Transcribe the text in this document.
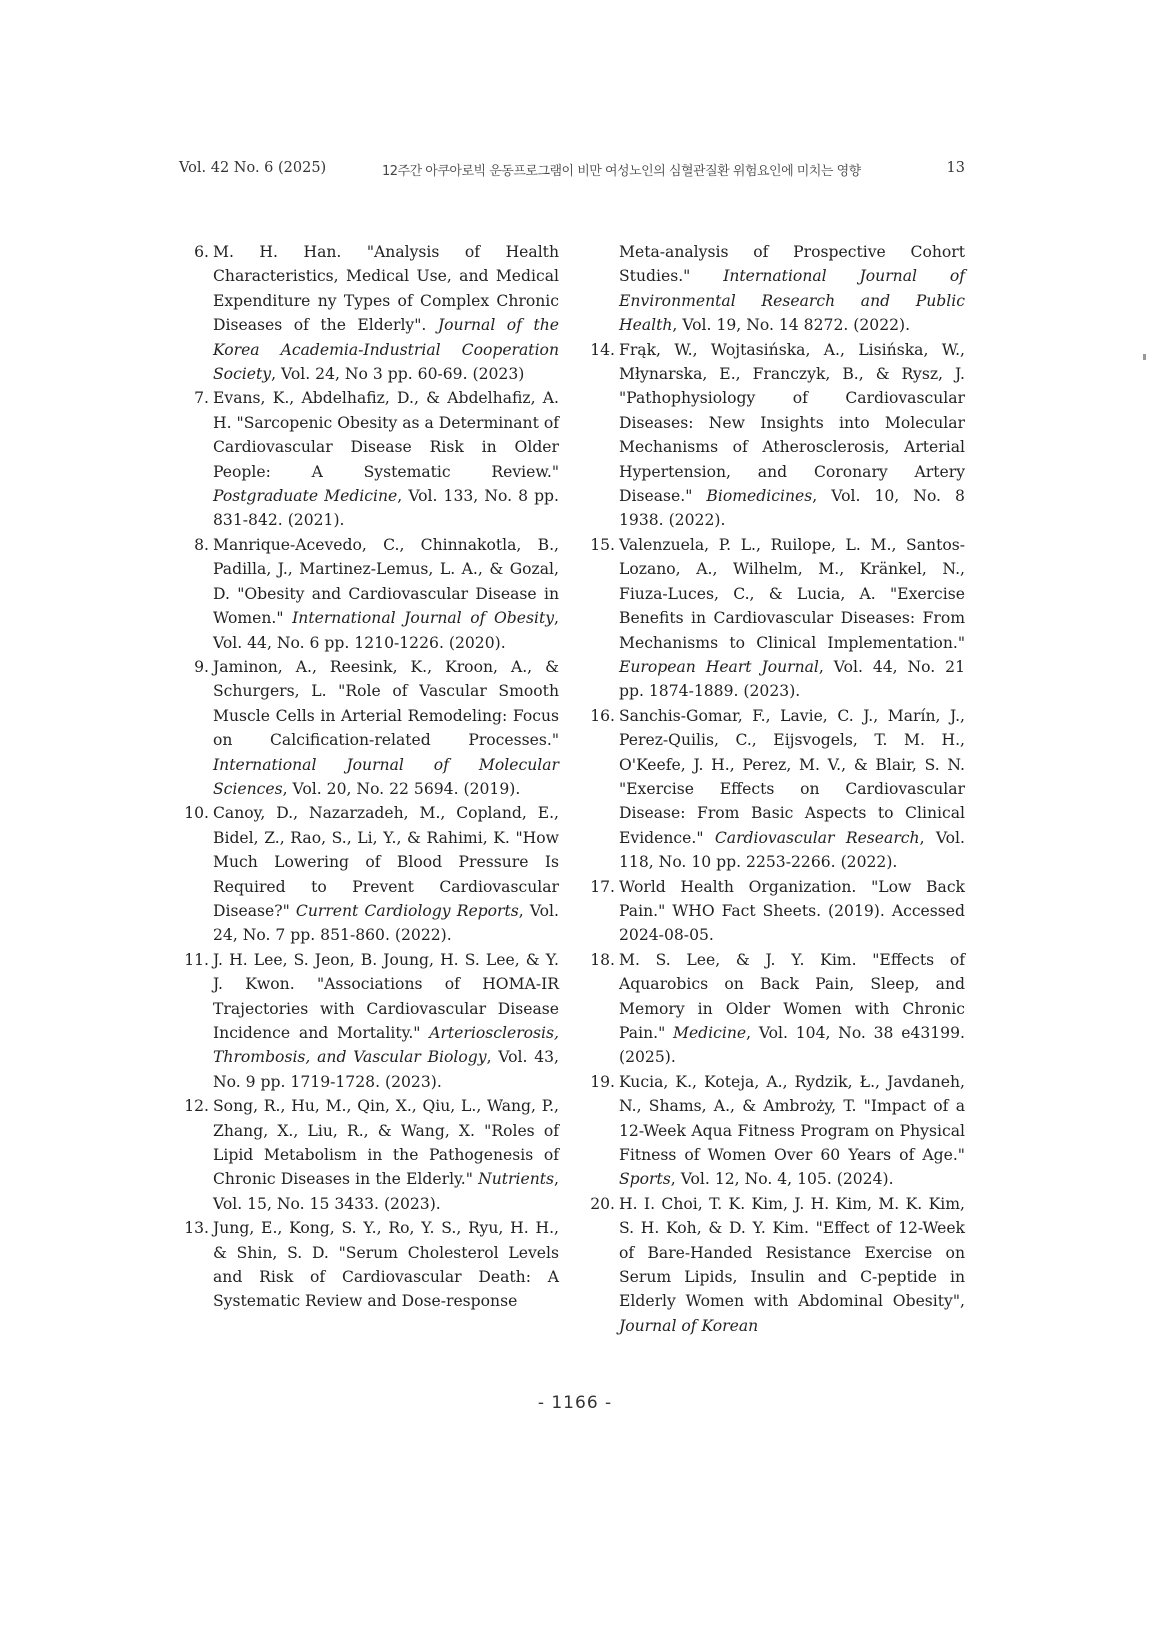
Vol. 42 No. 6 (2025)	12주간 아쿠아로빅 운동프로그램이 비만 여성노인의 심혈관질환 위험요인에 미치는 영향	13
6. M. H. Han. "Analysis of Health Characteristics, Medical Use, and Medical Expenditure ny Types of Complex Chronic Diseases of the Elderly". Journal of the Korea Academia-Industrial Cooperation Society, Vol. 24, No 3 pp. 60-69. (2023)
7. Evans, K., Abdelhafiz, D., & Abdelhafiz, A. H. "Sarcopenic Obesity as a Determinant of Cardiovascular Disease Risk in Older People: A Systematic Review." Postgraduate Medicine, Vol. 133, No. 8 pp. 831-842. (2021).
8. Manrique-Acevedo, C., Chinnakotla, B., Padilla, J., Martinez-Lemus, L. A., & Gozal, D. "Obesity and Cardiovascular Disease in Women." International Journal of Obesity, Vol. 44, No. 6 pp. 1210-1226. (2020).
9. Jaminon, A., Reesink, K., Kroon, A., & Schurgers, L. "Role of Vascular Smooth Muscle Cells in Arterial Remodeling: Focus on Calcification-related Processes." International Journal of Molecular Sciences, Vol. 20, No. 22 5694. (2019).
10. Canoy, D., Nazarzadeh, M., Copland, E., Bidel, Z., Rao, S., Li, Y., & Rahimi, K. "How Much Lowering of Blood Pressure Is Required to Prevent Cardiovascular Disease?" Current Cardiology Reports, Vol. 24, No. 7 pp. 851-860. (2022).
11. J. H. Lee, S. Jeon, B. Joung, H. S. Lee, & Y. J. Kwon. "Associations of HOMA-IR Trajectories with Cardiovascular Disease Incidence and Mortality." Arteriosclerosis, Thrombosis, and Vascular Biology, Vol. 43, No. 9 pp. 1719-1728. (2023).
12. Song, R., Hu, M., Qin, X., Qiu, L., Wang, P., Zhang, X., Liu, R., & Wang, X. "Roles of Lipid Metabolism in the Pathogenesis of Chronic Diseases in the Elderly." Nutrients, Vol. 15, No. 15 3433. (2023).
13. Jung, E., Kong, S. Y., Ro, Y. S., Ryu, H. H., & Shin, S. D. "Serum Cholesterol Levels and Risk of Cardiovascular Death: A Systematic Review and Dose-response
Meta-analysis of Prospective Cohort Studies." International Journal of Environmental Research and Public Health, Vol. 19, No. 14 8272. (2022).
14. Frąk, W., Wojtasińska, A., Lisińska, W., Młynarska, E., Franczyk, B., & Rysz, J. "Pathophysiology of Cardiovascular Diseases: New Insights into Molecular Mechanisms of Atherosclerosis, Arterial Hypertension, and Coronary Artery Disease." Biomedicines, Vol. 10, No. 8 1938. (2022).
15. Valenzuela, P. L., Ruilope, L. M., Santos-Lozano, A., Wilhelm, M., Kränkel, N., Fiuza-Luces, C., & Lucia, A. "Exercise Benefits in Cardiovascular Diseases: From Mechanisms to Clinical Implementation." European Heart Journal, Vol. 44, No. 21 pp. 1874-1889. (2023).
16. Sanchis-Gomar, F., Lavie, C. J., Marín, J., Perez-Quilis, C., Eijsvogels, T. M. H., O'Keefe, J. H., Perez, M. V., & Blair, S. N. "Exercise Effects on Cardiovascular Disease: From Basic Aspects to Clinical Evidence." Cardiovascular Research, Vol. 118, No. 10 pp. 2253-2266. (2022).
17. World Health Organization. "Low Back Pain." WHO Fact Sheets. (2019). Accessed 2024-08-05.
18. M. S. Lee, & J. Y. Kim. "Effects of Aquarobics on Back Pain, Sleep, and Memory in Older Women with Chronic Pain." Medicine, Vol. 104, No. 38 e43199. (2025).
19. Kucia, K., Koteja, A., Rydzik, Ł., Javdaneh, N., Shams, A., & Ambroży, T. "Impact of a 12-Week Aqua Fitness Program on Physical Fitness of Women Over 60 Years of Age." Sports, Vol. 12, No. 4, 105. (2024).
20. H. I. Choi, T. K. Kim, J. H. Kim, M. K. Kim, S. H. Koh, & D. Y. Kim. "Effect of 12-Week of Bare-Handed Resistance Exercise on Serum Lipids, Insulin and C-peptide in Elderly Women with Abdominal Obesity", Journal of Korean
- 1166 -
